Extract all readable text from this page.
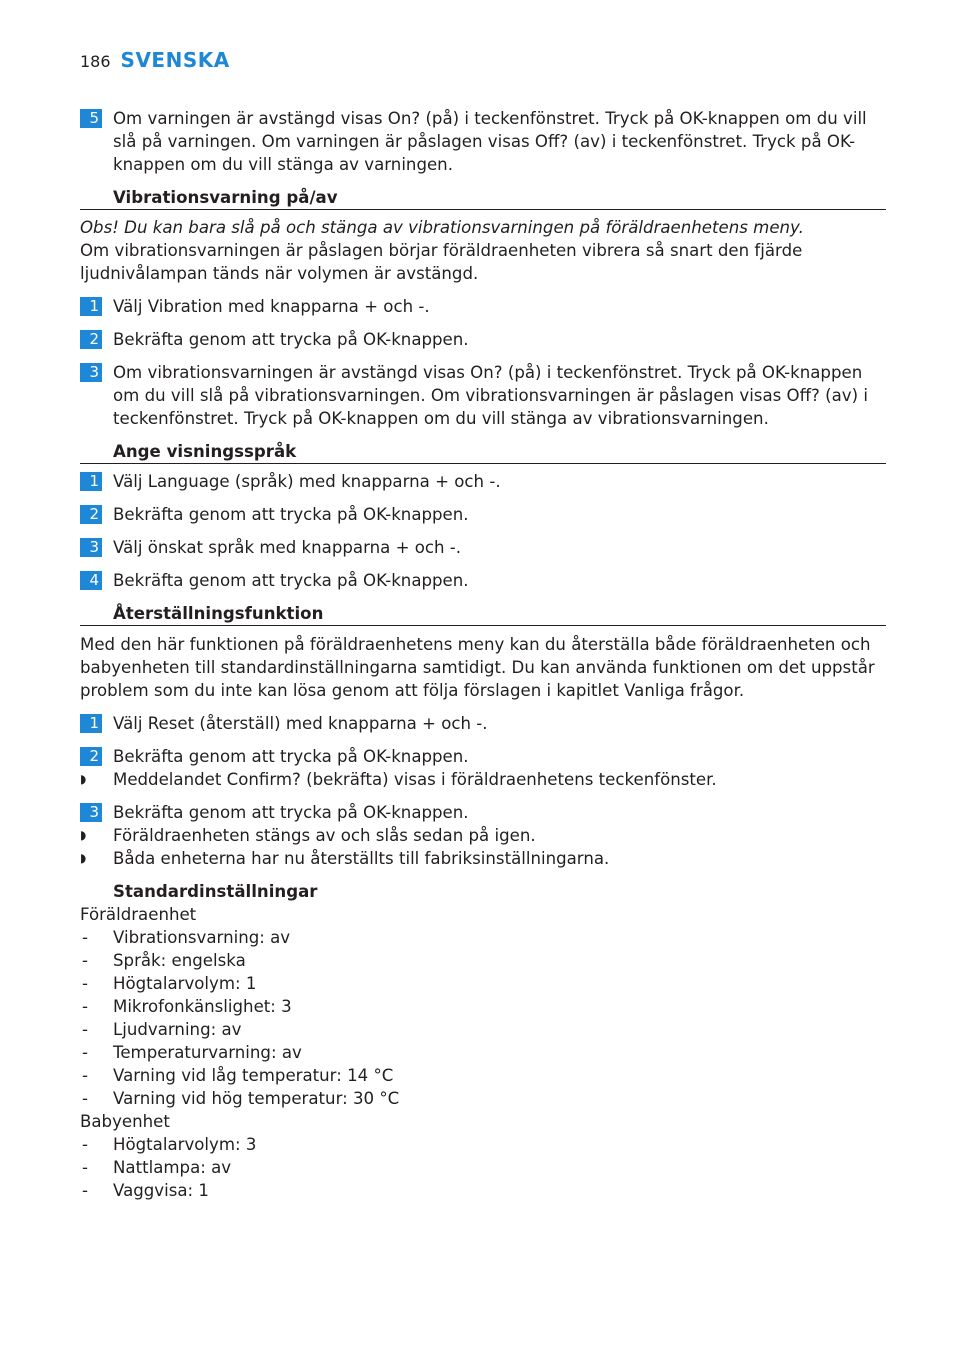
186 SVENSKA
5 Om varningen är avstängd visas On? (på) i teckenfönstret. Tryck på OK-knappen om du vill slå på varningen. Om varningen är påslagen visas Off? (av) i teckenfönstret. Tryck på OK-knappen om du vill stänga av varningen.
Vibrationsvarning på/av
Obs! Du kan bara slå på och stänga av vibrationsvarningen på föräldraenhetens meny.
Om vibrationsvarningen är påslagen börjar föräldraenheten vibrera så snart den fjärde ljudnivålampan tänds när volymen är avstängd.
1 Välj Vibration med knapparna + och -.
2 Bekräfta genom att trycka på OK-knappen.
3 Om vibrationsvarningen är avstängd visas On? (på) i teckenfönstret. Tryck på OK-knappen om du vill slå på vibrationsvarningen. Om vibrationsvarningen är påslagen visas Off? (av) i teckenfönstret. Tryck på OK-knappen om du vill stänga av vibrationsvarningen.
Ange visningsspråk
1 Välj Language (språk) med knapparna + och -.
2 Bekräfta genom att trycka på OK-knappen.
3 Välj önskat språk med knapparna + och -.
4 Bekräfta genom att trycka på OK-knappen.
Återställningsfunktion
Med den här funktionen på föräldraenhetens meny kan du återställa både föräldraenheten och babyenheten till standardinställningarna samtidigt. Du kan använda funktionen om det uppstår problem som du inte kan lösa genom att följa förslagen i kapitlet Vanliga frågor.
1 Välj Reset (återställ) med knapparna + och -.
2 Bekräfta genom att trycka på OK-knappen.
◗ Meddelandet Confirm? (bekräfta) visas i föräldraenhetens teckenfönster.
3 Bekräfta genom att trycka på OK-knappen.
◗ Föräldraenheten stängs av och slås sedan på igen.
◗ Båda enheterna har nu återställts till fabriksinställningarna.
Standardinställningar
Föräldraenhet
- Vibrationsvarning: av
- Språk: engelska
- Högtalarvolym: 1
- Mikrofonkänslighet: 3
- Ljudvarning: av
- Temperaturvarning: av
- Varning vid låg temperatur: 14 °C
- Varning vid hög temperatur: 30 °C
Babyenhet
- Högtalarvolym: 3
- Nattlampa: av
- Vaggvisa: 1
